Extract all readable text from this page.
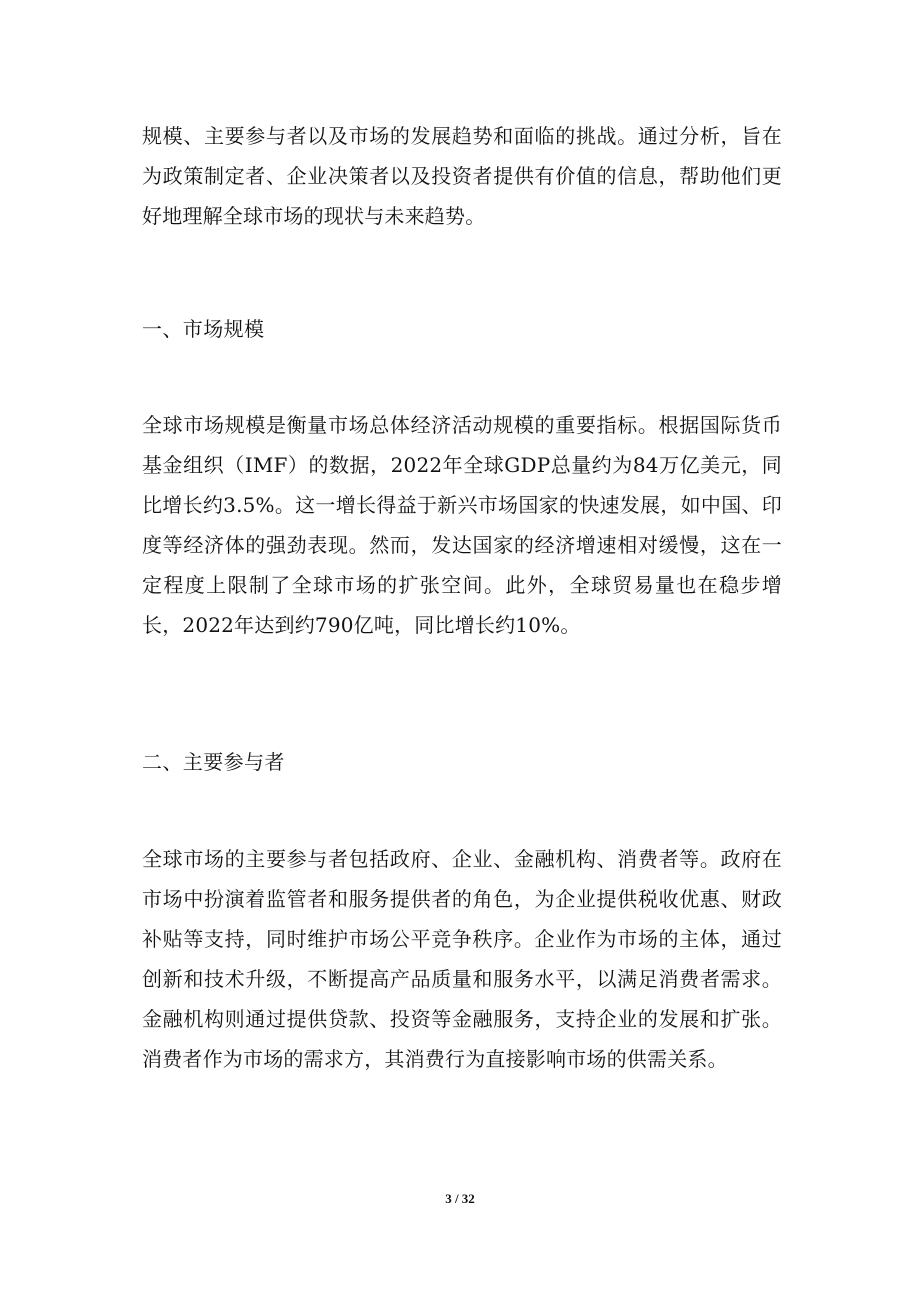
规模、主要参与者以及市场的发展趋势和面临的挑战。通过分析，旨在为政策制定者、企业决策者以及投资者提供有价值的信息，帮助他们更好地理解全球市场的现状与未来趋势。
一、市场规模
全球市场规模是衡量市场总体经济活动规模的重要指标。根据国际货币基金组织（IMF）的数据，2022年全球GDP总量约为84万亿美元，同比增长约3.5%。这一增长得益于新兴市场国家的快速发展，如中国、印度等经济体的强劲表现。然而，发达国家的经济增速相对缓慢，这在一定程度上限制了全球市场的扩张空间。此外，全球贸易量也在稳步增长，2022年达到约790亿吨，同比增长约10%。
二、主要参与者
全球市场的主要参与者包括政府、企业、金融机构、消费者等。政府在市场中扮演着监管者和服务提供者的角色，为企业提供税收优惠、财政补贴等支持，同时维护市场公平竞争秩序。企业作为市场的主体，通过创新和技术升级，不断提高产品质量和服务水平，以满足消费者需求。金融机构则通过提供贷款、投资等金融服务，支持企业的发展和扩张。消费者作为市场的需求方，其消费行为直接影响市场的供需关系。
3 / 32
